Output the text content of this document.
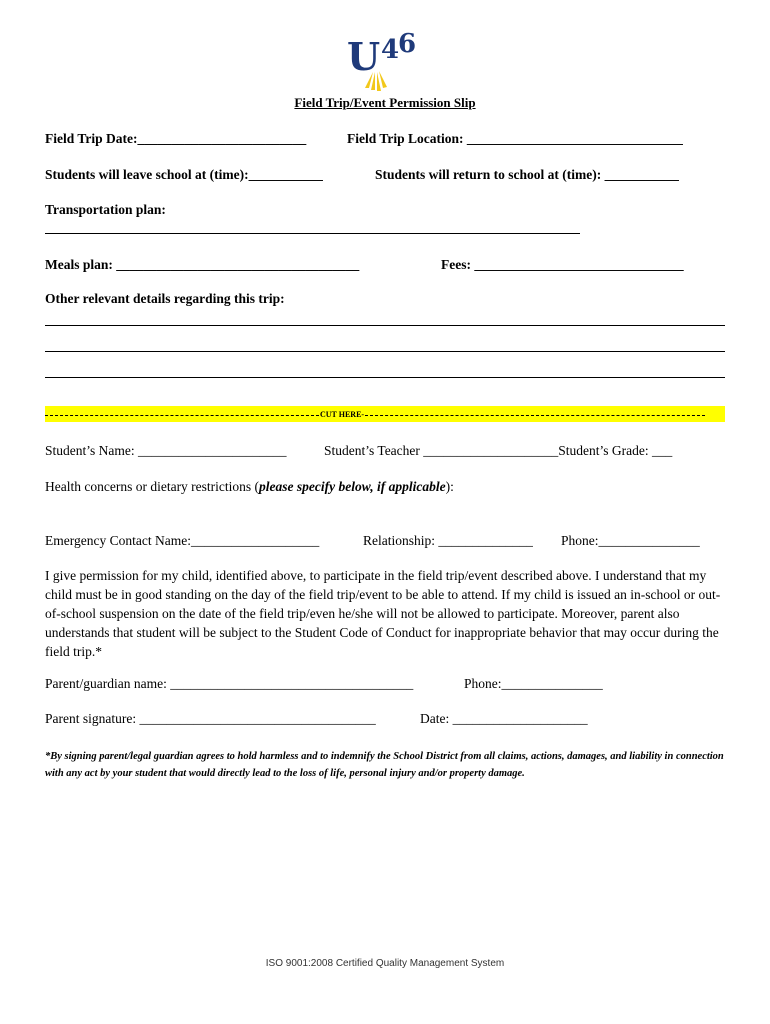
U 4
6
Field Trip/Event Permission Slip
Field Trip Date:_________________________	Field Trip Location: ________________________________
Students will leave school at (time):___________	Students will return to school at (time): ___________
Transportation plan:
Meals plan: ____________________________________	Fees: _______________________________
Other relevant details regarding this trip:
CUT HERE-
Student’s Name: ______________________	Student’s Teacher ____________________Student’s Grade: ___
Health concerns or dietary restrictions (please specify below, if applicable):
Emergency Contact Name:___________________	Relationship: ______________ Phone:_______________
I give permission for my child, identified above, to participate in the field trip/event described above. I understand that my child must be in good standing on the day of the field trip/event to be able to attend. If my child is issued an in-school or out-of-school suspension on the date of the field trip/even he/she will not be allowed to participate. Moreover, parent also understands that student will be subject to the Student Code of Conduct for inappropriate behavior that may occur during the field trip.*
Parent/guardian name: ____________________________________	Phone:_______________
Parent signature: ___________________________________	Date: ____________________
*By signing parent/legal guardian agrees to hold harmless and to indemnify the School District from all claims, actions, damages, and liability in connection with any act by your student that would directly lead to the loss of life, personal injury and/or property damage.
ISO 9001:2008 Certified Quality Management System
